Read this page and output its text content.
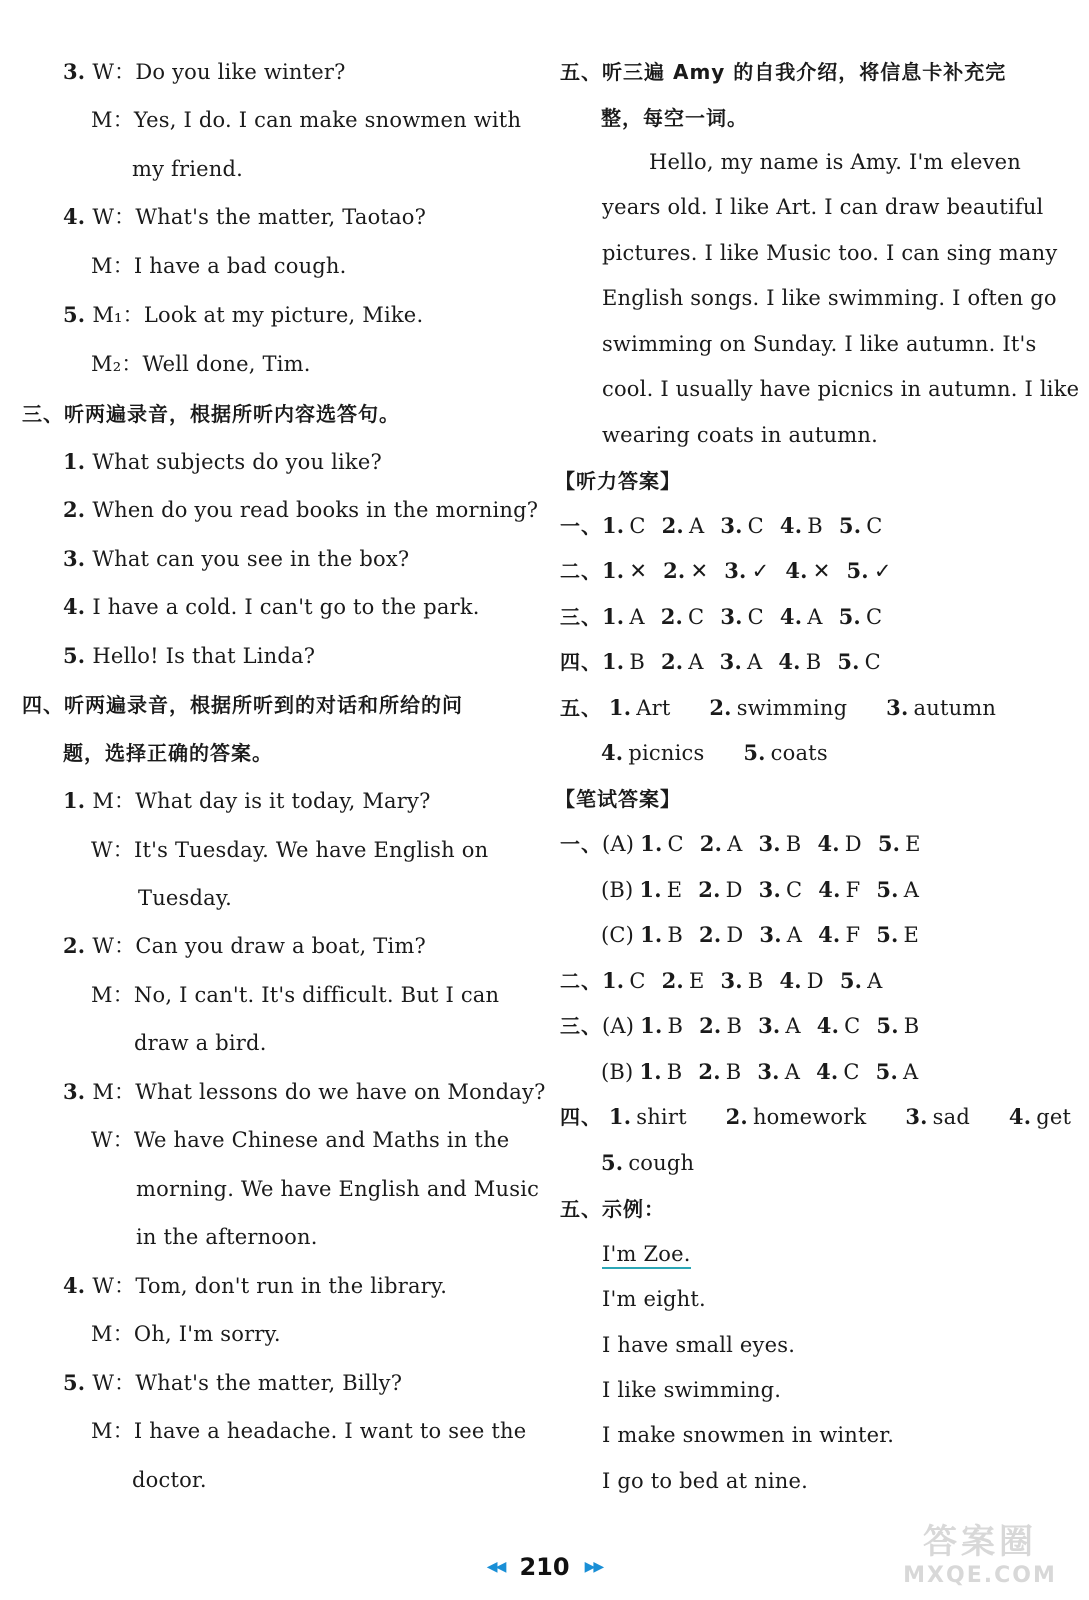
3. W：Do you like winter?
M：Yes, I do. I can make snowmen with
my friend.
4. W：What's the matter, Taotao?
M：I have a bad cough.
5. M₁：Look at my picture, Mike.
M₂：Well done, Tim.
三、听两遍录音，根据所听内容选答句。
1. What subjects do you like?
2. When do you read books in the morning?
3. What can you see in the box?
4. I have a cold. I can't go to the park.
5. Hello! Is that Linda?
四、听两遍录音，根据所听到的对话和所给的问
题，选择正确的答案。
1. M：What day is it today, Mary?
W：It's Tuesday. We have English on
Tuesday.
2. W：Can you draw a boat, Tim?
M：No, I can't. It's difficult. But I can
draw a bird.
3. M：What lessons do we have on Monday?
W：We have Chinese and Maths in the
morning. We have English and Music
in the afternoon.
4. W：Tom, don't run in the library.
M：Oh, I'm sorry.
5. W：What's the matter, Billy?
M：I have a headache. I want to see the
doctor.
五、听三遍 Amy 的自我介绍，将信息卡补充完
整，每空一词。
Hello, my name is Amy. I'm eleven
years old. I like Art. I can draw beautiful
pictures. I like Music too. I can sing many
English songs. I like swimming. I often go
swimming on Sunday. I like autumn. It's
cool. I usually have picnics in autumn. I like
wearing coats in autumn.
【听力答案】
五、 1. Art 2. swimming 3. autumn
4. picnics 5. coats
【笔试答案】
四、 1. shirt 2. homework 3. sad 4. get
5. cough
五、示例：
I'm Zoe.
I'm eight.
I have small eyes.
I like swimming.
I make snowmen in winter.
I go to bed at nine.
一、1. C 2. A 3. C 4. B 5. C
二、1. ✕ 2. ✕ 3. ✓ 4. ✕ 5. ✓
三、1. A 2. C 3. C 4. A 5. C
四、1. B 2. A 3. A 4. B 5. C
一、(A) 1. C 2. A 3. B 4. D 5. E
(B) 1. E 2. D 3. C 4. F 5. A
(C) 1. B 2. D 3. A 4. F 5. E
二、1. C 2. E 3. B 4. D 5. A
三、(A) 1. B 2. B 3. A 4. C 5. B
(B) 1. B 2. B 3. A 4. C 5. A
◀◀ 210 ▶▶
答案圈
MXQE.COM
